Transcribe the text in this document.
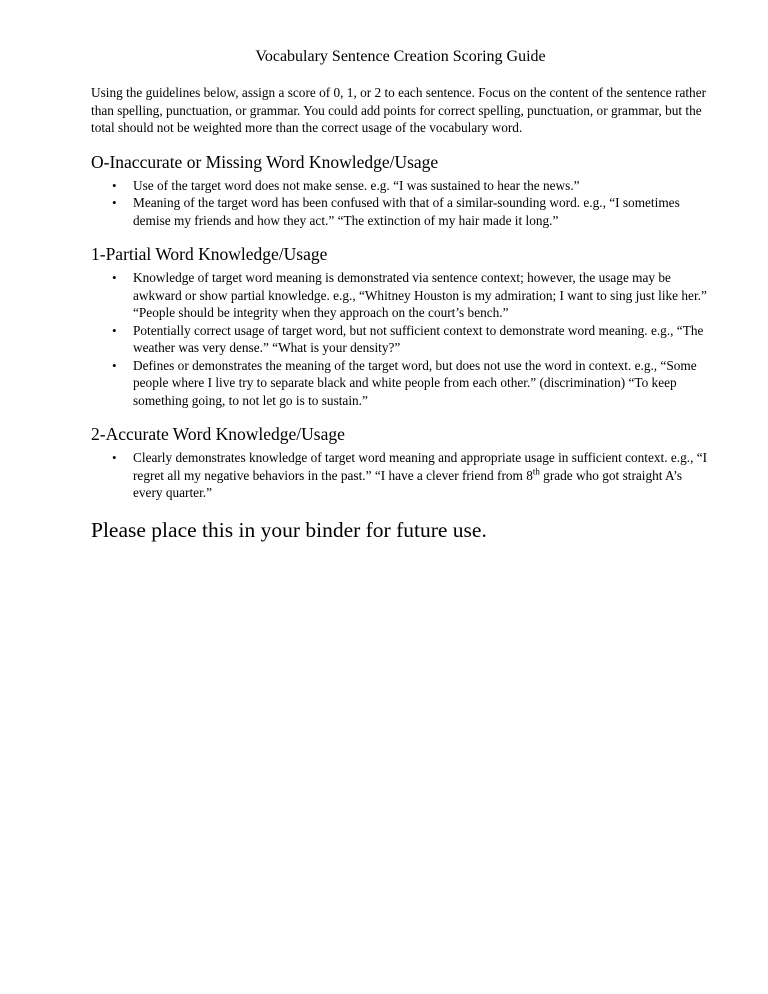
Vocabulary Sentence Creation Scoring Guide

Using the guidelines below, assign a score of 0, 1, or 2 to each sentence. Focus on the content of the sentence rather than spelling, punctuation, or grammar. You could add points for correct spelling, punctuation, or grammar, but the total should not be weighted more than the correct usage of the vocabulary word.

O-Inaccurate or Missing Word Knowledge/Usage
• Use of the target word does not make sense. e.g. “I was sustained to hear the news.”
• Meaning of the target word has been confused with that of a similar-sounding word. e.g., “I sometimes demise my friends and how they act.” “The extinction of my hair made it long.”
1-Partial Word Knowledge/Usage
• Knowledge of target word meaning is demonstrated via sentence context; however, the usage may be awkward or show partial knowledge. e.g., “Whitney Houston is my admiration; I want to sing just like her.” “People should be integrity when they approach on the court’s bench.”
• Potentially correct usage of target word, but not sufficient context to demonstrate word meaning. e.g., “The weather was very dense.” “What is your density?”
• Defines or demonstrates the meaning of the target word, but does not use the word in context. e.g., “Some people where I live try to separate black and white people from each other.” (discrimination) “To keep something going, to not let go is to sustain.”
2-Accurate Word Knowledge/Usage
• Clearly demonstrates knowledge of target word meaning and appropriate usage in sufficient context. e.g., “I regret all my negative behaviors in the past.” “I have a clever friend from 8th grade who got straight A’s every quarter.”
Please place this in your binder for future use.
